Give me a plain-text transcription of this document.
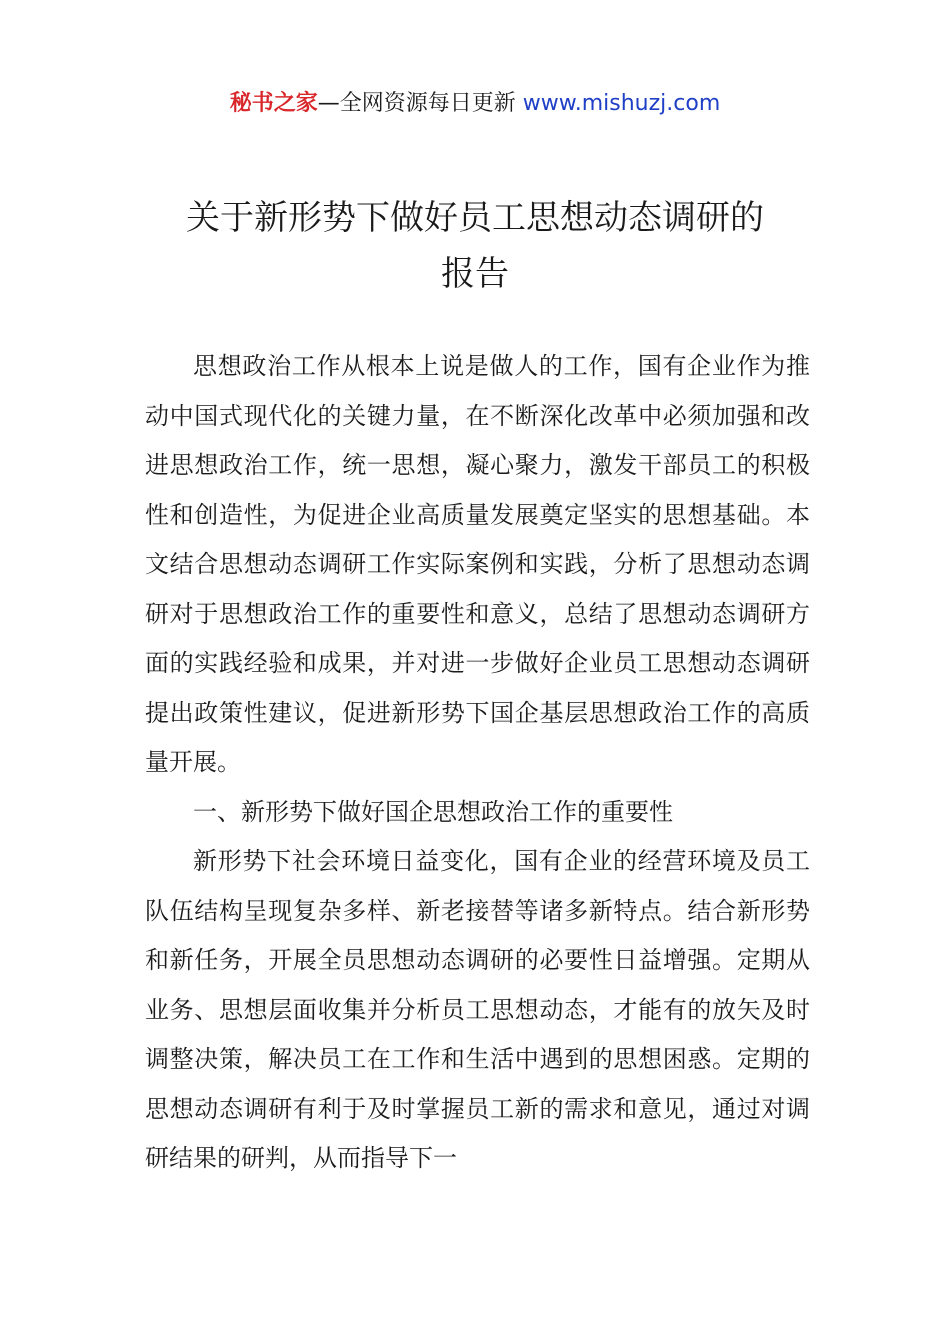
秘书之家—全网资源每日更新 www.mishuzj.com
关于新形势下做好员工思想动态调研的
报告

思想政治工作从根本上说是做人的工作，国有企业作为推动中国式现代化的关键力量，在不断深化改革中必须加强和改进思想政治工作，统一思想，凝心聚力，激发干部员工的积极性和创造性，为促进企业高质量发展奠定坚实的思想基础。本文结合思想动态调研工作实际案例和实践，分析了思想动态调研对于思想政治工作的重要性和意义，总结了思想动态调研方面的实践经验和成果，并对进一步做好企业员工思想动态调研提出政策性建议，促进新形势下国企基层思想政治工作的高质量开展。

一、新形势下做好国企思想政治工作的重要性

新形势下社会环境日益变化，国有企业的经营环境及员工队伍结构呈现复杂多样、新老接替等诸多新特点。结合新形势和新任务，开展全员思想动态调研的必要性日益增强。定期从业务、思想层面收集并分析员工思想动态，才能有的放矢及时调整决策，解决员工在工作和生活中遇到的思想困惑。定期的思想动态调研有利于及时掌握员工新的需求和意见，通过对调研结果的研判，从而指导下一
